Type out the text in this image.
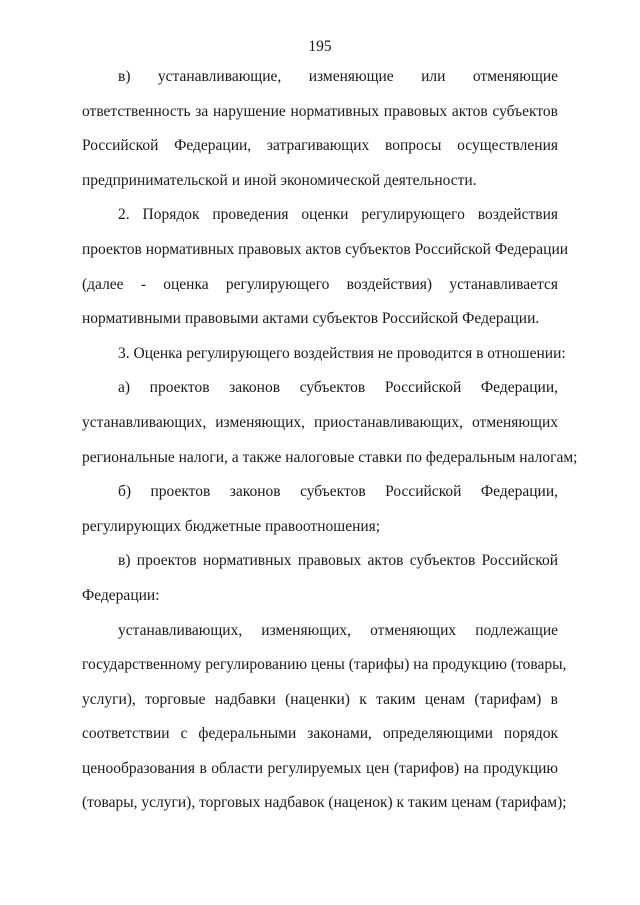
195
в) устанавливающие, изменяющие или отменяющие
ответственность за нарушение нормативных правовых актов субъектов
Российской Федерации, затрагивающих вопросы осуществления
предпринимательской и иной экономической деятельности.
2. Порядок проведения оценки регулирующего воздействия
проектов нормативных правовых актов субъектов Российской Федерации
(далее - оценка регулирующего воздействия) устанавливается
нормативными правовыми актами субъектов Российской Федерации.
3. Оценка регулирующего воздействия не проводится в отношении:
а) проектов законов субъектов Российской Федерации,
устанавливающих, изменяющих, приостанавливающих, отменяющих
региональные налоги, а также налоговые ставки по федеральным налогам;
б) проектов законов субъектов Российской Федерации,
регулирующих бюджетные правоотношения;
в) проектов нормативных правовых актов субъектов Российской
Федерации:
устанавливающих, изменяющих, отменяющих подлежащие
государственному регулированию цены (тарифы) на продукцию (товары,
услуги), торговые надбавки (наценки) к таким ценам (тарифам) в
соответствии с федеральными законами, определяющими порядок
ценообразования в области регулируемых цен (тарифов) на продукцию
(товары, услуги), торговых надбавок (наценок) к таким ценам (тарифам);
